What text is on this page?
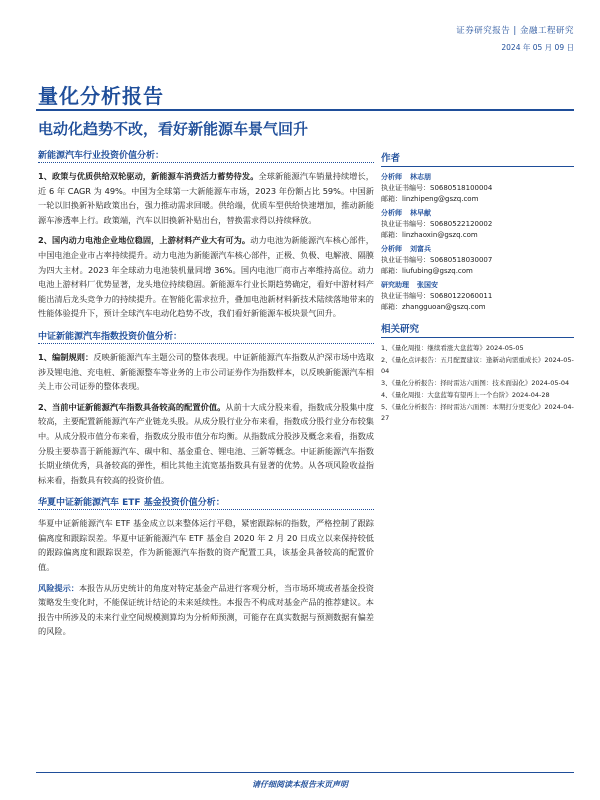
证券研究报告 | 金融工程研究
2024 年 05 月 09 日
量化分析报告
电动化趋势不改，看好新能源车景气回升
新能源汽车行业投资价值分析：

1、政策与优质供给双轮驱动，新能源车消费活力蓄势待发。全球新能源汽车销量持续增长，近 6 年 CAGR 为 49%。中国为全球第一大新能源车市场，2023 年份额占比 59%。中国新一轮以旧换新补贴政策出台，强力推动需求回暖。供给端，优质车型供给快速增加，推动新能源车渗透率上行。政策端，汽车以旧换新补贴出台，替换需求得以持续释放。

2、国内动力电池企业地位稳固，上游材料产业大有可为。动力电池为新能源汽车核心部件，中国电池企业市占率持续提升。动力电池为新能源汽车核心部件，正极、负极、电解液、隔膜为四大主材。2023 年全球动力电池装机量同增 36%。国内电池厂商市占率维持高位。动力电池上游材料厂优势显著，龙头地位持续稳固。新能源车行业长期趋势确定，看好中游材料产能出清后龙头竞争力的持续提升。在智能化需求拉升，叠加电池新材料新技术陆续落地带来的性能体验提升下，预计全球汽车电动化趋势不改，我们看好新能源车板块景气回升。

中证新能源汽车指数投资价值分析：

1、编制规则：反映新能源汽车主题公司的整体表现。中证新能源汽车指数从沪深市场中选取涉及锂电池、充电桩、新能源整车等业务的上市公司证券作为指数样本，以反映新能源汽车相关上市公司证券的整体表现。

2、当前中证新能源汽车指数具备较高的配置价值。从前十大成分股来看，指数成分股集中度较高，主要配置新能源汽车产业链龙头股。从成分股行业分布来看，指数成分股行业分布较集中。从成分股市值分布来看，指数成分股市值分布均衡。从指数成分股涉及概念来看，指数成分股主要恭喜于新能源汽车、碳中和、基金重仓、锂电池、三新等概念。中证新能源汽车指数长期业绩优秀，具备较高的弹性，相比其他主流宽基指数具有显著的优势。从各项风险收益指标来看，指数具有较高的投资价值。

华夏中证新能源汽车 ETF 基金投资价值分析：

华夏中证新能源汽车 ETF 基金成立以来整体运行平稳，紧密跟踪标的指数，严格控制了跟踪偏离度和跟踪误差。华夏中证新能源汽车 ETF 基金自 2020 年 2 月 20 日成立以来保持较低的跟踪偏离度和跟踪误差，作为新能源汽车指数的资产配置工具，该基金具备较高的配置价值。

风险提示：本报告从历史统计的角度对特定基金产品进行客观分析，当市场环境或者基金投资策略发生变化时，不能保证统计结论的未来延续性。本报告不构成对基金产品的推荐建议。本报告中所涉及的未来行业空间规模测算均为分析师预测，可能存在真实数据与预测数据有偏差的风险。

作者
分析师 林志朋
执业证书编号：S0680518100004
邮箱：linzhipeng@gszq.com
分析师 林早献
执业证书编号：S0680522120002
邮箱：linzhaoxin@gszq.com
分析师 刘富兵
执业证书编号：S0680518030007
邮箱：liufubing@gszq.com
研究助理 张国安
执业证书编号：S0680122060011
邮箱：zhangguoan@gszq.com
相关研究
1、《量化周报：继续看涨大盘蓝筹》2024-05-05
2、《量化点评报告：五月配置建议：逢新动向需重成长》2024-05-04
3、《量化分析报告：择时雷达六面图：技术面弱化》2024-05-04
4、《量化周报：大盘蓝筹有望再上一个台阶》2024-04-28
5、《量化分析报告：择时雷达六面图：本期打分更变化》2024-04-27
请仔细阅读本报告末页声明
